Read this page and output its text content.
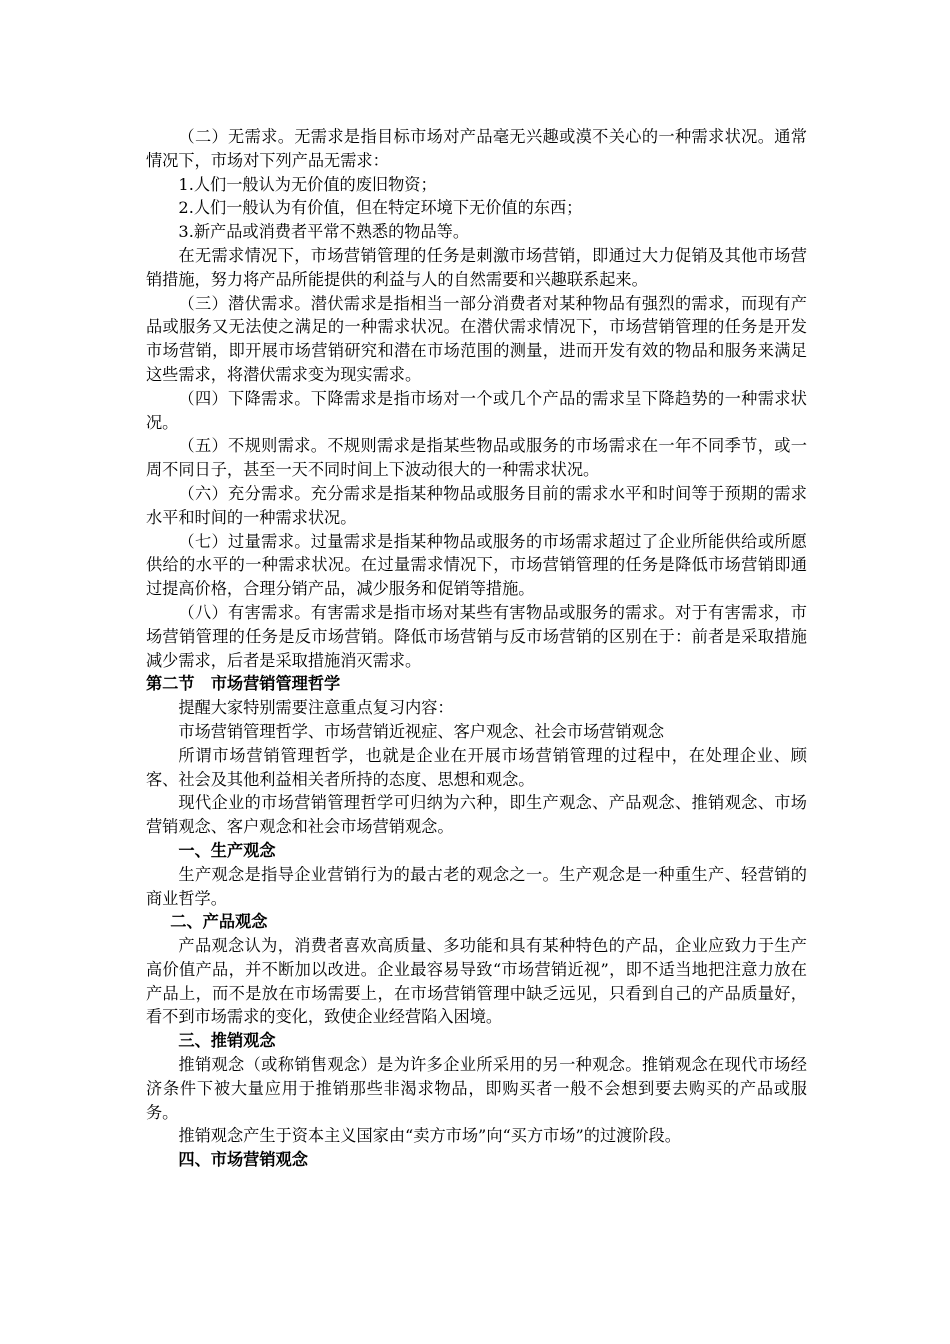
（二）无需求。无需求是指目标市场对产品毫无兴趣或漠不关心的一种需求状况。通常情况下，市场对下列产品无需求：

1.人们一般认为无价值的废旧物资；

2.人们一般认为有价值，但在特定环境下无价值的东西；

3.新产品或消费者平常不熟悉的物品等。

在无需求情况下，市场营销管理的任务是刺激市场营销，即通过大力促销及其他市场营销措施，努力将产品所能提供的利益与人的自然需要和兴趣联系起来。

（三）潜伏需求。潜伏需求是指相当一部分消费者对某种物品有强烈的需求，而现有产品或服务又无法使之满足的一种需求状况。在潜伏需求情况下，市场营销管理的任务是开发市场营销，即开展市场营销研究和潜在市场范围的测量，进而开发有效的物品和服务来满足这些需求，将潜伏需求变为现实需求。

（四）下降需求。下降需求是指市场对一个或几个产品的需求呈下降趋势的一种需求状况。

（五）不规则需求。不规则需求是指某些物品或服务的市场需求在一年不同季节，或一周不同日子，甚至一天不同时间上下波动很大的一种需求状况。

（六）充分需求。充分需求是指某种物品或服务目前的需求水平和时间等于预期的需求水平和时间的一种需求状况。

（七）过量需求。过量需求是指某种物品或服务的市场需求超过了企业所能供给或所愿供给的水平的一种需求状况。在过量需求情况下，市场营销管理的任务是降低市场营销即通过提高价格，合理分销产品，减少服务和促销等措施。

（八）有害需求。有害需求是指市场对某些有害物品或服务的需求。对于有害需求，市场营销管理的任务是反市场营销。降低市场营销与反市场营销的区别在于：前者是采取措施减少需求，后者是采取措施消灭需求。

第二节　市场营销管理哲学

提醒大家特别需要注意重点复习内容：

市场营销管理哲学、市场营销近视症、客户观念、社会市场营销观念

所谓市场营销管理哲学，也就是企业在开展市场营销管理的过程中，在处理企业、顾客、社会及其他利益相关者所持的态度、思想和观念。

现代企业的市场营销管理哲学可归纳为六种，即生产观念、产品观念、推销观念、市场营销观念、客户观念和社会市场营销观念。

一、生产观念

生产观念是指导企业营销行为的最古老的观念之一。生产观念是一种重生产、轻营销的商业哲学。

二、产品观念

产品观念认为，消费者喜欢高质量、多功能和具有某种特色的产品，企业应致力于生产高价值产品，并不断加以改进。企业最容易导致“市场营销近视”，即不适当地把注意力放在产品上，而不是放在市场需要上，在市场营销管理中缺乏远见，只看到自己的产品质量好，看不到市场需求的变化，致使企业经营陷入困境。

三、推销观念

推销观念（或称销售观念）是为许多企业所采用的另一种观念。推销观念在现代市场经济条件下被大量应用于推销那些非渴求物品，即购买者一般不会想到要去购买的产品或服务。

推销观念产生于资本主义国家由“卖方市场”向“买方市场”的过渡阶段。

四、市场营销观念
